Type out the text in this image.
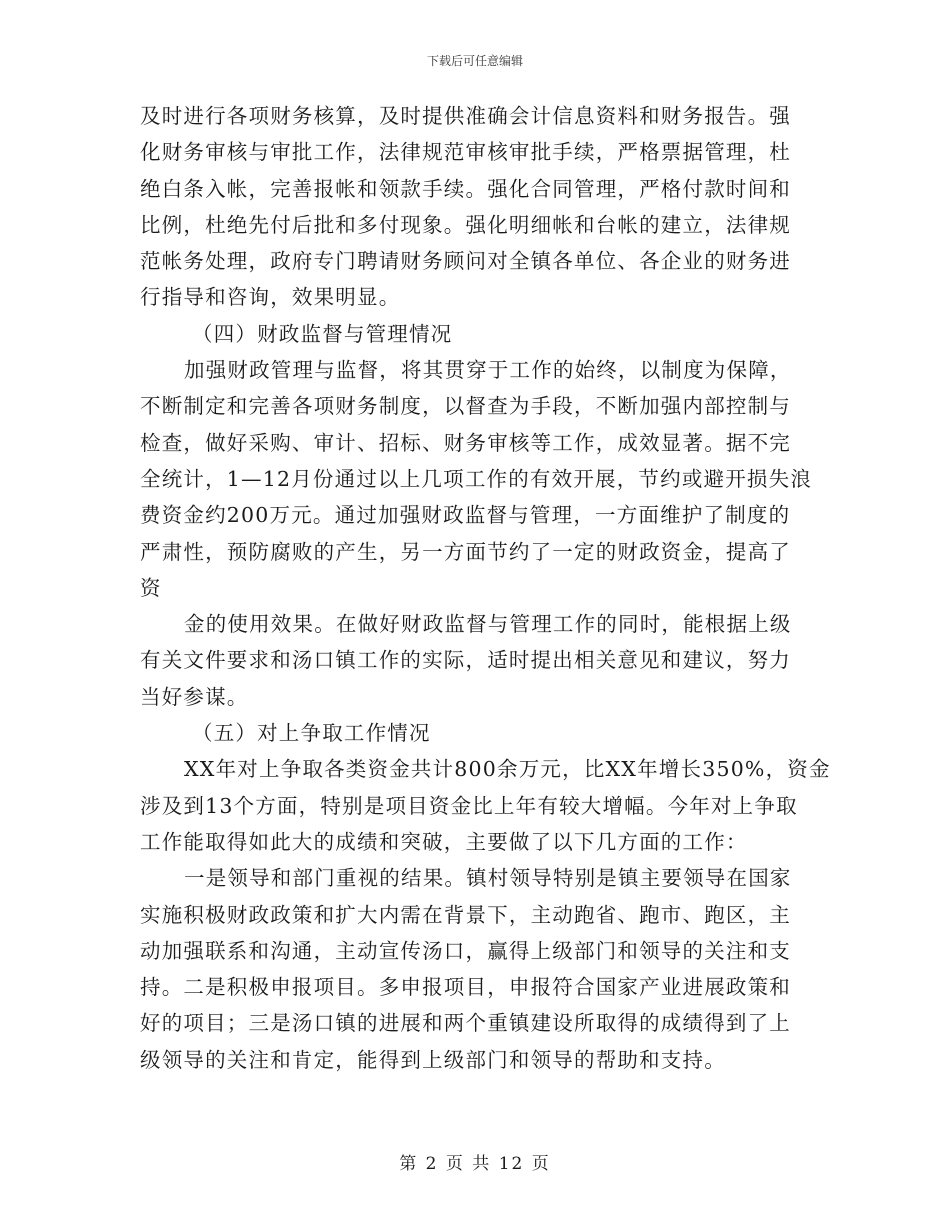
下载后可任意编辑
及时进行各项财务核算，及时提供准确会计信息资料和财务报告。强
化财务审核与审批工作，法律规范审核审批手续，严格票据管理，杜
绝白条入帐，完善报帐和领款手续。强化合同管理，严格付款时间和
比例，杜绝先付后批和多付现象。强化明细帐和台帐的建立，法律规
范帐务处理，政府专门聘请财务顾问对全镇各单位、各企业的财务进
行指导和咨询，效果明显。
（四）财政监督与管理情况
加强财政管理与监督，将其贯穿于工作的始终，以制度为保障，
不断制定和完善各项财务制度，以督查为手段，不断加强内部控制与
检查，做好采购、审计、招标、财务审核等工作，成效显著。据不完
全统计，1—12月份通过以上几项工作的有效开展，节约或避开损失浪
费资金约200万元。通过加强财政监督与管理，一方面维护了制度的
严肃性，预防腐败的产生，另一方面节约了一定的财政资金，提高了
资
金的使用效果。在做好财政监督与管理工作的同时，能根据上级
有关文件要求和汤口镇工作的实际，适时提出相关意见和建议，努力
当好参谋。
（五）对上争取工作情况
XX年对上争取各类资金共计800余万元，比XX年增长350%，资金
涉及到13个方面，特别是项目资金比上年有较大增幅。今年对上争取
工作能取得如此大的成绩和突破，主要做了以下几方面的工作：
一是领导和部门重视的结果。镇村领导特别是镇主要领导在国家
实施积极财政政策和扩大内需在背景下，主动跑省、跑市、跑区，主
动加强联系和沟通，主动宣传汤口，赢得上级部门和领导的关注和支
持。二是积极申报项目。多申报项目，申报符合国家产业进展政策和
好的项目；三是汤口镇的进展和两个重镇建设所取得的成绩得到了上
级领导的关注和肯定，能得到上级部门和领导的帮助和支持。
第 2 页 共 12 页
